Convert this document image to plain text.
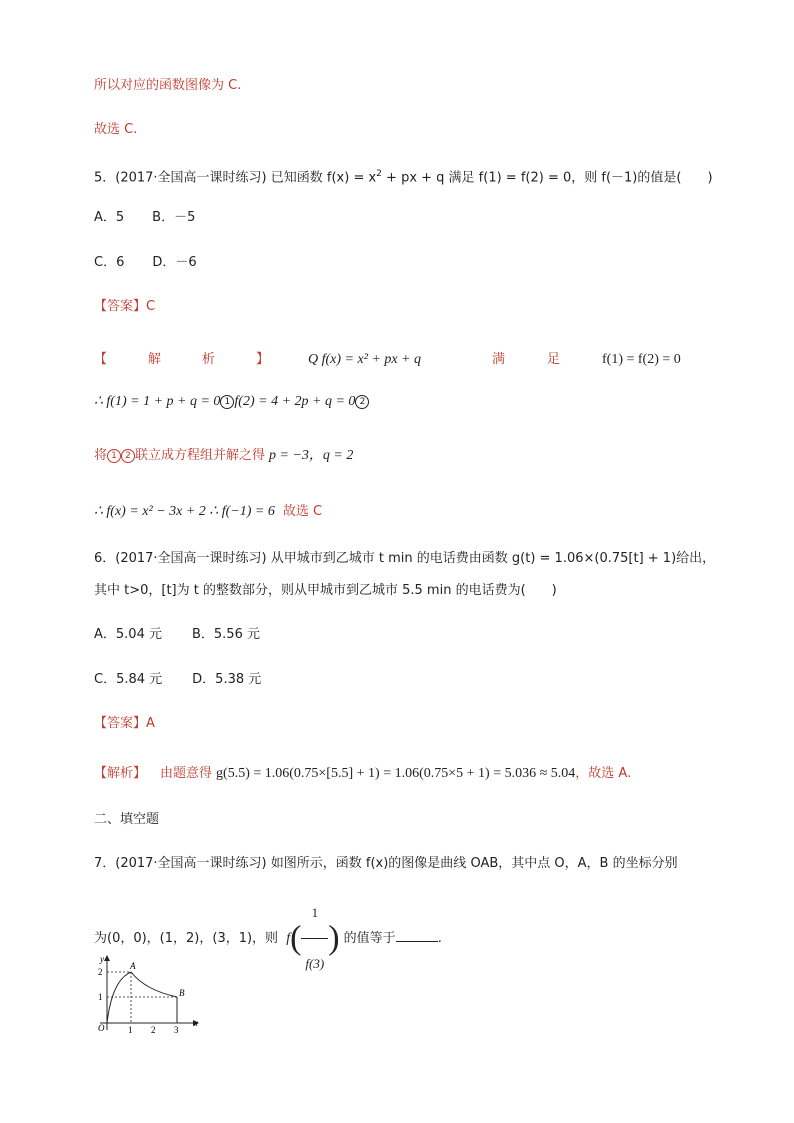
所以对应的函数图像为 C.
故选 C.
5．(2017·全国高一课时练习) 已知函数 $f(x) = x^2$ + px + q 满足 f(1) = f(2) = 0，则 f(－1)的值是(　　)
A．5 B．－5
C．6 D．－6
【答案】C
【	解	析	】	Q f(x) = x² + px + q	满	足	f(1) = f(2) = 0
∴ f(1) = 1 + p + q = 0 1 f(2) = 4 + 2p + q = 0 2
将 1 2 联立成方程组并解之得 p = −3，q = 2
∴ f(x) = x² − 3x + 2 ∴ f(−1) = 6 故选 C
6．(2017·全国高一课时练习) 从甲城市到乙城市 t min 的电话费由函数 g(t) = 1.06×(0.75[t] + 1)给出，
其中 t>0，[t]为 t 的整数部分，则从甲城市到乙城市 5.5 min 的电话费为(　　)
A．5.04 元 B．5.56 元
C．5.84 元 D．5.38 元
【答案】A
【解析】 由题意得 g(5.5) = 1.06(0.75×[5.5] + 1) = 1.06(0.75×5 + 1) = 5.036 ≈ 5.04，故选 A.
二、填空题
7．(2017·全国高一课时练习) 如图所示，函数 f(x)的图像是曲线 OAB，其中点 O，A，B 的坐标分别
为(0，0)，(1，2)，(3，1)，则 $f( \frac{1}{f(3)}$ ) 的值等于	.
y
x
O
A
B
2
1
1 2 3
